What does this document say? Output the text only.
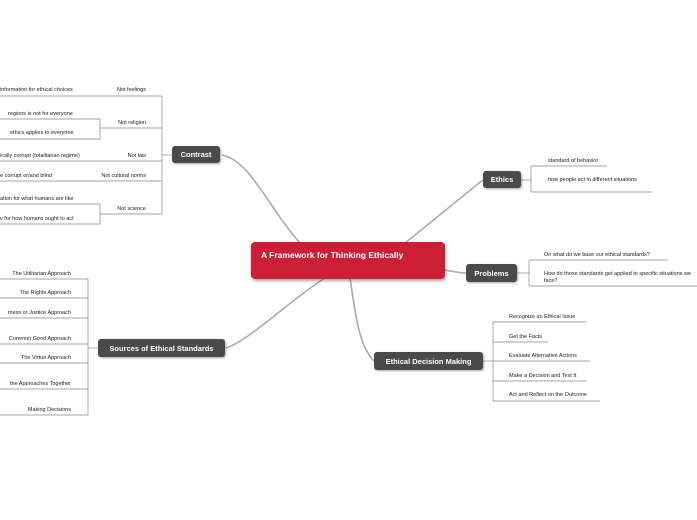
A Framework for Thinking Ethically
Contrast
Not feelings
information for ethical choices
Not religion
regions is not for everyone
ethics applies to everyone
Not law
ically corrupt (totalitarian regime)
Not cultural norms
e corrupt or/and blind
Not science
ation for what humans are like
v for how humans ought to act
Sources of Ethical Standards
The Utilitarian Approach
The Rights Approach
rness or Justice Approach
Common Good Approach
The Virtue Approach
the Approaches Together
Making Decisions
Ethics
standard of behavior
how people act in different situations
Problems
On what do we base our ethical standards?
How do those standards get applied to specific situations we face?
Ethical Decision Making
Recognize an Ethical Issue
Get the Facts
Evaluate Alternative Actions
Make a Decision and Test It
Act and Reflect on the Outcome
